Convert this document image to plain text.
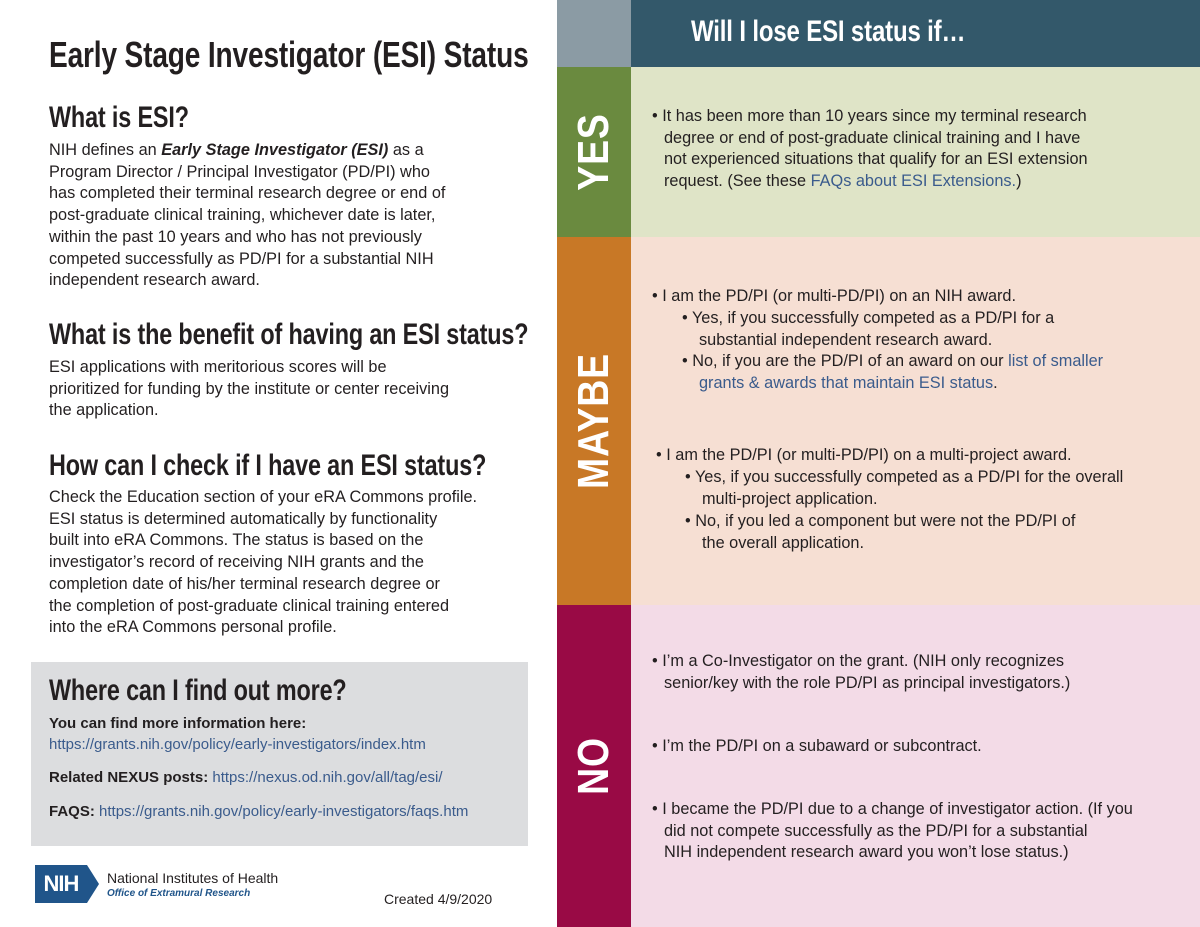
Early Stage Investigator (ESI) Status
What is ESI?

NIH defines an Early Stage Investigator (ESI) as a

Program Director / Principal Investigator (PD/PI) who

has completed their terminal research degree or end of

post-graduate clinical training, whichever date is later,

within the past 10 years and who has not previously

competed successfully as PD/PI for a substantial NIH

independent research award.

What is the benefit of having an ESI status?

ESI applications with meritorious scores will be

prioritized for funding by the institute or center receiving

the application.

How can I check if I have an ESI status?

Check the Education section of your eRA Commons profile.

ESI status is determined automatically by functionality

built into eRA Commons. The status is based on the

investigator’s record of receiving NIH grants and the

completion date of his/her terminal research degree or

the completion of post-graduate clinical training entered

into the eRA Commons personal profile.

Where can I find out more?
You can find more information here:
https://grants.nih.gov/policy/early-investigators/index.htm
Related NEXUS posts: https://nexus.od.nih.gov/all/tag/esi/
FAQS: https://grants.nih.gov/policy/early-investigators/faqs.htm
NIH	National Institutes of Health
Office of Extramural Research	Created 4/9/2020
Will I lose ESI status if…
YES • It has been more than 10 years since my terminal research
degree or end of post-graduate clinical training and I have
not experienced situations that qualify for an ESI extension
request. (See these FAQs about ESI Extensions.)
MAYBE
• I am the PD/PI (or multi-PD/PI) on an NIH award.
• Yes, if you successfully competed as a PD/PI for a
substantial independent research award.
• No, if you are the PD/PI of an award on our list of smaller
grants & awards that maintain ESI status.
• I am the PD/PI (or multi-PD/PI) on a multi-project award.
• Yes, if you successfully competed as a PD/PI for the overall
multi-project application.
• No, if you led a component but were not the PD/PI of
the overall application.
NO
• I’m a Co-Investigator on the grant. (NIH only recognizes
senior/key with the role PD/PI as principal investigators.)
• I’m the PD/PI on a subaward or subcontract.
• I became the PD/PI due to a change of investigator action. (If you
did not compete successfully as the PD/PI for a substantial
NIH independent research award you won’t lose status.)
